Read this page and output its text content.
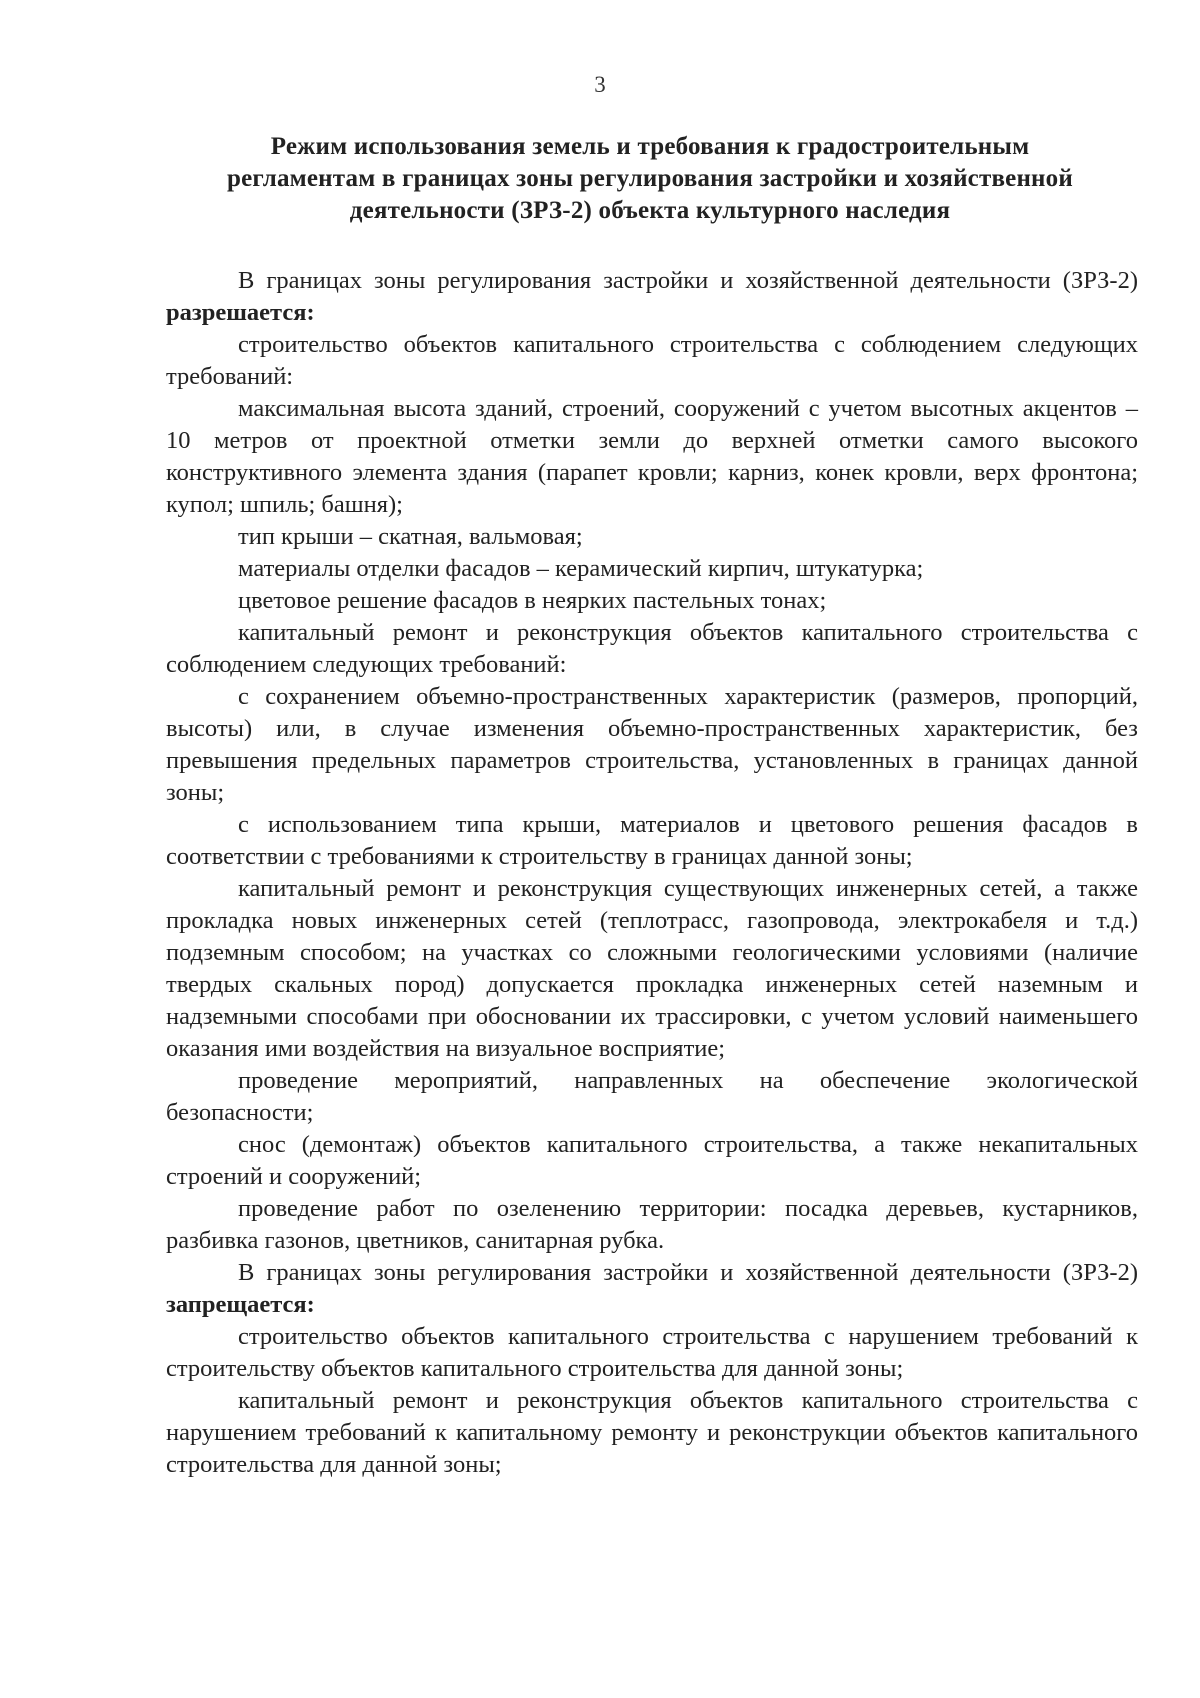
3
Режим использования земель и требования к градостроительным
регламентам в границах зоны регулирования застройки и хозяйственной
деятельности (ЗРЗ-2) объекта культурного наследия

В границах зоны регулирования застройки и хозяйственной деятельности (ЗРЗ-2) разрешается:

строительство объектов капитального строительства с соблюдением следующих требований:

максимальная высота зданий, строений, сооружений с учетом высотных акцентов – 10 метров от проектной отметки земли до верхней отметки самого высокого конструктивного элемента здания (парапет кровли; карниз, конек кровли, верх фронтона; купол; шпиль; башня);

тип крыши – скатная, вальмовая;

материалы отделки фасадов – керамический кирпич, штукатурка;

цветовое решение фасадов в неярких пастельных тонах;

капитальный ремонт и реконструкция объектов капитального строительства с соблюдением следующих требований:

с сохранением объемно-пространственных характеристик (размеров, пропорций, высоты) или, в случае изменения объемно-пространственных характеристик, без превышения предельных параметров строительства, установленных в границах данной зоны;

с использованием типа крыши, материалов и цветового решения фасадов в соответствии с требованиями к строительству в границах данной зоны;

капитальный ремонт и реконструкция существующих инженерных сетей, а также прокладка новых инженерных сетей (теплотрасс, газопровода, электрокабеля и т.д.) подземным способом; на участках со сложными геологическими условиями (наличие твердых скальных пород) допускается прокладка инженерных сетей наземным и надземными способами при обосновании их трассировки, с учетом условий наименьшего оказания ими воздействия на визуальное восприятие;

проведение мероприятий, направленных на обеспечение экологической безопасности;

снос (демонтаж) объектов капитального строительства, а также некапитальных строений и сооружений;

проведение работ по озеленению территории: посадка деревьев, кустарников, разбивка газонов, цветников, санитарная рубка.

В границах зоны регулирования застройки и хозяйственной деятельности (ЗРЗ-2) запрещается:

строительство объектов капитального строительства с нарушением требований к строительству объектов капитального строительства для данной зоны;

капитальный ремонт и реконструкция объектов капитального строительства с нарушением требований к капитальному ремонту и реконструкции объектов капитального строительства для данной зоны;
